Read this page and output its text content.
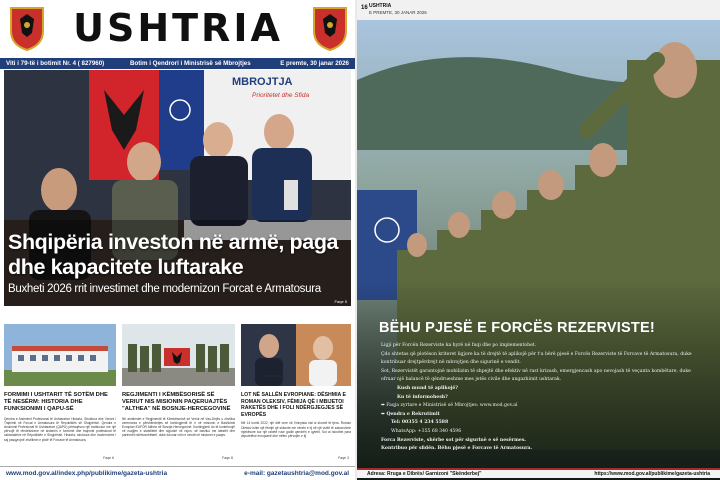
USHTRIA
Viti i 79-të i botimit Nr. 4 ( 827960)	Botim i Qendrorl i Ministrisë së Mbrojtjes	E premte, 30 janar 2026
MBROJTJA
Prioritetet dhe Sfida
Shqipëria investon në armë, paga dhe kapacitete luftarake
Buxheti 2026 rrit investimet dhe modernizon Forcat e Armatosura
Faqe 5
FORMIMI I USHTARIT TË SOTËM DHE TË NESËRM: HISTORIA DHE FUNKSIONIMI I QAPU-SË
Qendra e Arsimimit Profesional të Ushtarakve Historia, Struktura dhe Vizioni i Trajnimit në Forcat e Armatosura të Republikës së Shqipërisë. Qendra e Arsimimit Profesional të Ushtarakve (QAPU) përfaqëson një institucion me një përvojë të rëndësishme në sistemin e formimit dhe trajnimit profesional të ushtarakëve në Republikën e Shqipërisë. Historia, struktura dhe modernizimi i saj pasqyrojnë zhvillimin e plotë të Forcave të Armatosura.
Faqe 6
REGJIMENTI I KËMBËSORISË SË VERIUT NIS MISIONIN PAQERUAJTËS "ALTHEA" NË BOSNJE-HERCEGOVINË
Në ambientet e Regjimentit të Këmbësorisë së Veriut në Vau-Dejës u zhvillua ceremonia e përshëndetjes së kontingjentit të ri në misionin e Bashkimit Evropian EUFOR Althea në Bosnje-Hercegovinë. Kontingjenti do të kontribuojë në ruajtjen e stabilitetit dhe sigurisë në rajon, së bashku me aleatët dhe partnerët ndërkombëtarë, duke forcuar rolin e vendit në misionet e paqes.
Faqe 8
ANJEZA MUHOLLARI
LOT NË SALLËN EVROPIANE: DËSHMIA E ROMAN OLEKSIV, FËMIJA QË I MBIJETOI RAKETËS DHE I FOLI NDËRGJEGJES SË EVROPËS
Më 14 korrik 2022, një ditë vere në Vinnytsia nisi si shumë të tjera. Roman Oleksiv ishte një fëmijë që shkonte me nënën e tij në një vizitë të zakonshme mjekësore kur një raketë ruse goditi qendrën e qytetit. Sot ai ndodhet para deputetëve evropianë dhe rrëfen përvojën e tij.
Faqe 3
www.mod.gov.al/index.php/publikime/gazeta-ushtria	e-mail: gazetaushtria@mod.gov.al
16 USHTRIA
E PREMTE, 30 JANAR 2026
BËHU PJESË E FORCËS REZERVISTE!

Ligji për Forcën Rezerviste ka hyrë në fuqi dhe po implementohet.

Çdo shtetas që plotëson kriteret ligjore ka të drejtë të aplikojë për t'u bërë pjesë e Forcës Rezerviste të Forcave të Armatosura, duke kontribuar drejtpërdrejt në mbrojtjen dhe sigurinë e vendit.

Sot, Rezervistët garantojnë mobilizim të shpejtë dhe efektiv në rast krizash, emergjencash apo nevojash të veçanta kombëtare, duke ofruar një balancë të qëndrueshme mes jetës civile dhe angazhimit ushtarak.

Kush mund të aplikojë?

Ku të informohesh?

➡ Faqja zyrtare e Ministrisë së Mbrojtjes: www.mod.gov.al

➡ Qendra e Rekrutimit

Tel: 00355 4 234 5588

WhatsApp: +355 68 340 4596

Forca Rezerviste, shërbe sot për sigurinë e së nesërmes.

Kontribuo për sfidën. Bëhu pjesë e Forcave të Armatosura.

Adresa: Rruga e Dibrës/ Garnizoni "Skënderbej"	https://www.mod.gov.al/publikime/gazeta-ushtria
